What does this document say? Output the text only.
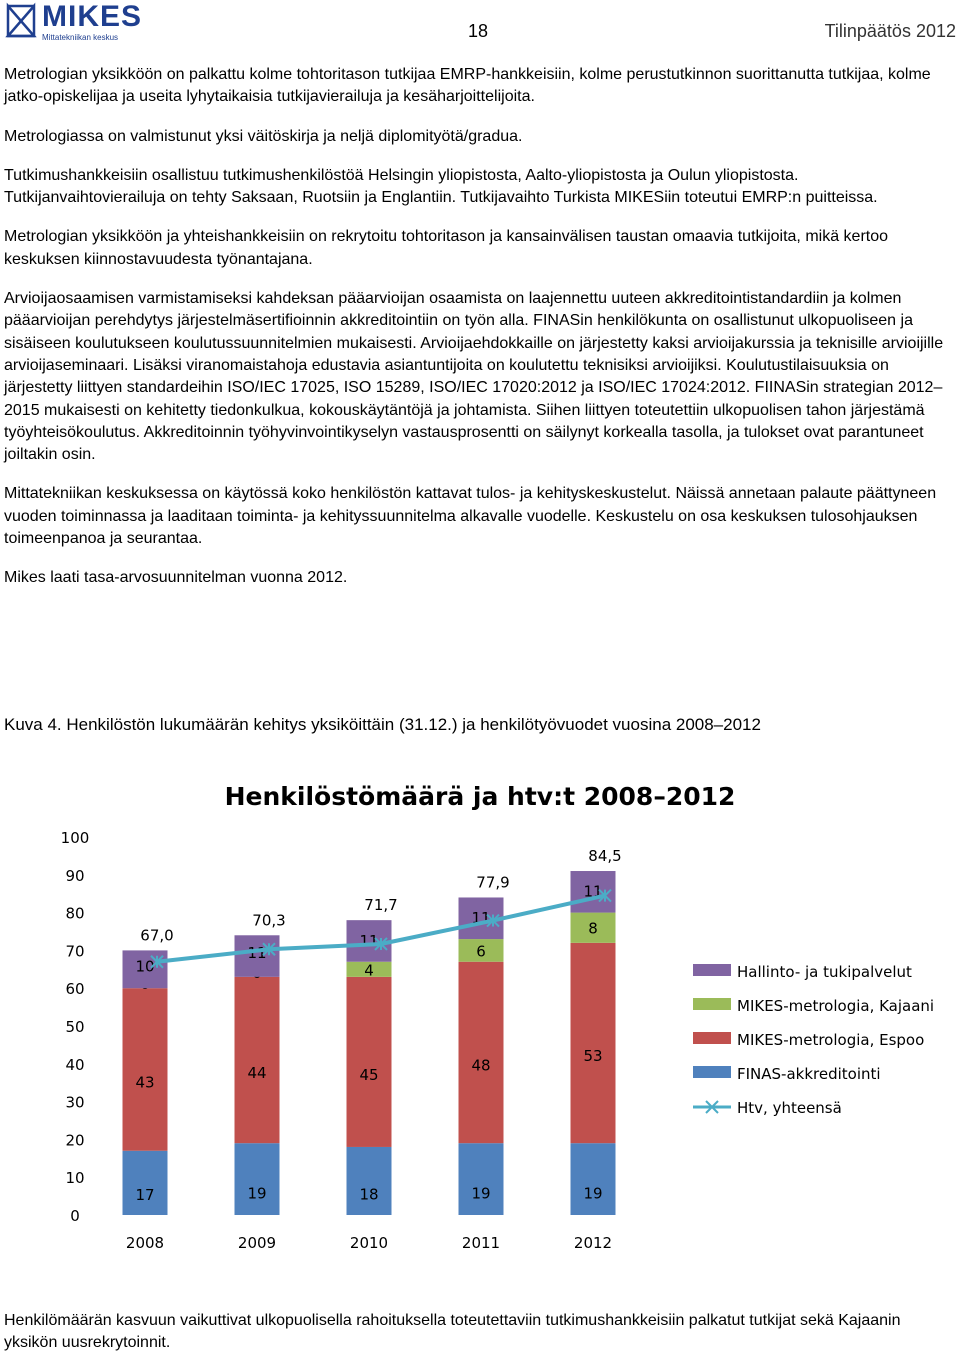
MIKES
Mittatekniikan keskus	18	Tilinpäätös 2012

Metrologian yksikköön on palkattu kolme tohtoritason tutkijaa EMRP-hankkeisiin, kolme perustutkinnon suorittanutta tutkijaa, kolme jatko-opiskelijaa ja useita lyhytaikaisia tutkijavierailuja ja kesäharjoittelijoita.

Metrologiassa on valmistunut yksi väitöskirja ja neljä diplomityötä/gradua.

Tutkimushankkeisiin osallistuu tutkimushenkilöstöä Helsingin yliopistosta, Aalto-yliopistosta ja Oulun yliopistosta. Tutkijanvaihtovierailuja on tehty Saksaan, Ruotsiin ja Englantiin. Tutkijavaihto Turkista MIKESiin toteutui EMRP:n puitteissa.

Metrologian yksikköön ja yhteishankkeisiin on rekrytoitu tohtoritason ja kansainvälisen taustan omaavia tutkijoita, mikä kertoo keskuksen kiinnostavuudesta työnantajana.

Arvioijaosaamisen varmistamiseksi kahdeksan pääarvioijan osaamista on laajennettu uuteen akkreditointistandardiin ja kolmen pääarvioijan perehdytys järjestelmäsertifioinnin akkreditointiin on työn alla. FINASin henkilökunta on osallistunut ulkopuoliseen ja sisäiseen koulutukseen koulutussuunnitelmien mukaisesti. Arvioijaehdokkaille on järjestetty kaksi arvioijakurssia ja teknisille arvioijille arvioijaseminaari. Lisäksi viranomaistahoja edustavia asiantuntijoita on koulutettu teknisiksi arvioijiksi. Koulutustilaisuuksia on järjestetty liittyen standardeihin ISO/IEC 17025, ISO 15289, ISO/IEC 17020:2012 ja ISO/IEC 17024:2012. FIINASin strategian 2012–2015 mukaisesti on kehitetty tiedonkulkua, kokouskäytäntöjä ja johtamista. Siihen liittyen toteutettiin ulkopuolisen tahon järjestämä työyhteisökoulutus. Akkreditoinnin työhyvinvointikyselyn vastausprosentti on säilynyt korkealla tasolla, ja tulokset ovat parantuneet joiltakin osin.

Mittatekniikan keskuksessa on käytössä koko henkilöstön kattavat tulos- ja kehityskeskustelut. Näissä annetaan palaute päättyneen vuoden toiminnassa ja laaditaan toiminta- ja kehityssuunnitelma alkavalle vuodelle. Keskustelu on osa keskuksen tulosohjauksen toimeenpanoa ja seurantaa.

Mikes laati tasa-arvosuunnitelman vuonna 2012.

Kuva 4. Henkilöstön lukumäärän kehitys yksiköittäin (31.12.) ja henkilötyövuodet vuosina 2008–2012
Henkilöstömäärä ja htv:t 2008–2012
0
10
20
30
40
50
60
70
80
90
100
17
43
10
19
44
11
18
45
4
11
19
48
6
11
19
53
8
11
67,0
70,3
71,7
77,9
84,5
2008	2009	2010	2011	2012
Hallinto- ja tukipalvelut
MIKES-metrologia, Kajaani
MIKES-metrologia, Espoo
FINAS-akkreditointi
Htv, yhteensä
Henkilömäärän kasvuun vaikuttivat ulkopuolisella rahoituksella toteutettaviin tutkimushankkeisiin palkatut tutkijat sekä Kajaanin yksikön uusrekrytoinnit.
